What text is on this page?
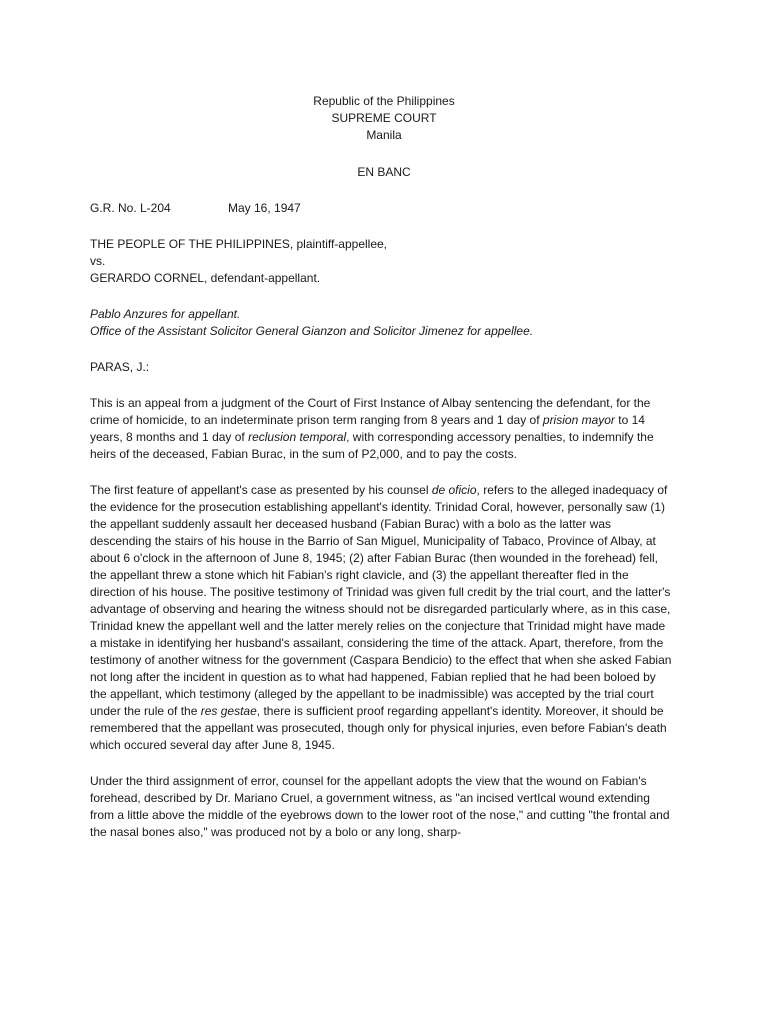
Republic of the Philippines
SUPREME COURT
Manila
EN BANC
G.R. No. L-204	May 16, 1947
THE PEOPLE OF THE PHILIPPINES, plaintiff-appellee,
vs.
GERARDO CORNEL, defendant-appellant.
Pablo Anzures for appellant.
Office of the Assistant Solicitor General Gianzon and Solicitor Jimenez for appellee.
PARAS, J.:

This is an appeal from a judgment of the Court of First Instance of Albay sentencing the defendant, for the crime of homicide, to an indeterminate prison term ranging from 8 years and 1 day of prision mayor to 14 years, 8 months and 1 day of reclusion temporal, with corresponding accessory penalties, to indemnify the heirs of the deceased, Fabian Burac, in the sum of P2,000, and to pay the costs.

The first feature of appellant's case as presented by his counsel de oficio, refers to the alleged inadequacy of the evidence for the prosecution establishing appellant's identity. Trinidad Coral, however, personally saw (1) the appellant suddenly assault her deceased husband (Fabian Burac) with a bolo as the latter was descending the stairs of his house in the Barrio of San Miguel, Municipality of Tabaco, Province of Albay, at about 6 o'clock in the afternoon of June 8, 1945; (2) after Fabian Burac (then wounded in the forehead) fell, the appellant threw a stone which hit Fabian's right clavicle, and (3) the appellant thereafter fled in the direction of his house. The positive testimony of Trinidad was given full credit by the trial court, and the latter's advantage of observing and hearing the witness should not be disregarded particularly where, as in this case, Trinidad knew the appellant well and the latter merely relies on the conjecture that Trinidad might have made a mistake in identifying her husband's assailant, considering the time of the attack. Apart, therefore, from the testimony of another witness for the government (Caspara Bendicio) to the effect that when she asked Fabian not long after the incident in question as to what had happened, Fabian replied that he had been boloed by the appellant, which testimony (alleged by the appellant to be inadmissible) was accepted by the trial court under the rule of the res gestae, there is sufficient proof regarding appellant's identity. Moreover, it should be remembered that the appellant was prosecuted, though only for physical injuries, even before Fabian's death which occured several day after June 8, 1945.

Under the third assignment of error, counsel for the appellant adopts the view that the wound on Fabian's forehead, described by Dr. Mariano Cruel, a government witness, as "an incised vertIcal wound extending from a little above the middle of the eyebrows down to the lower root of the nose," and cutting "the frontal and the nasal bones also," was produced not by a bolo or any long, sharp-
